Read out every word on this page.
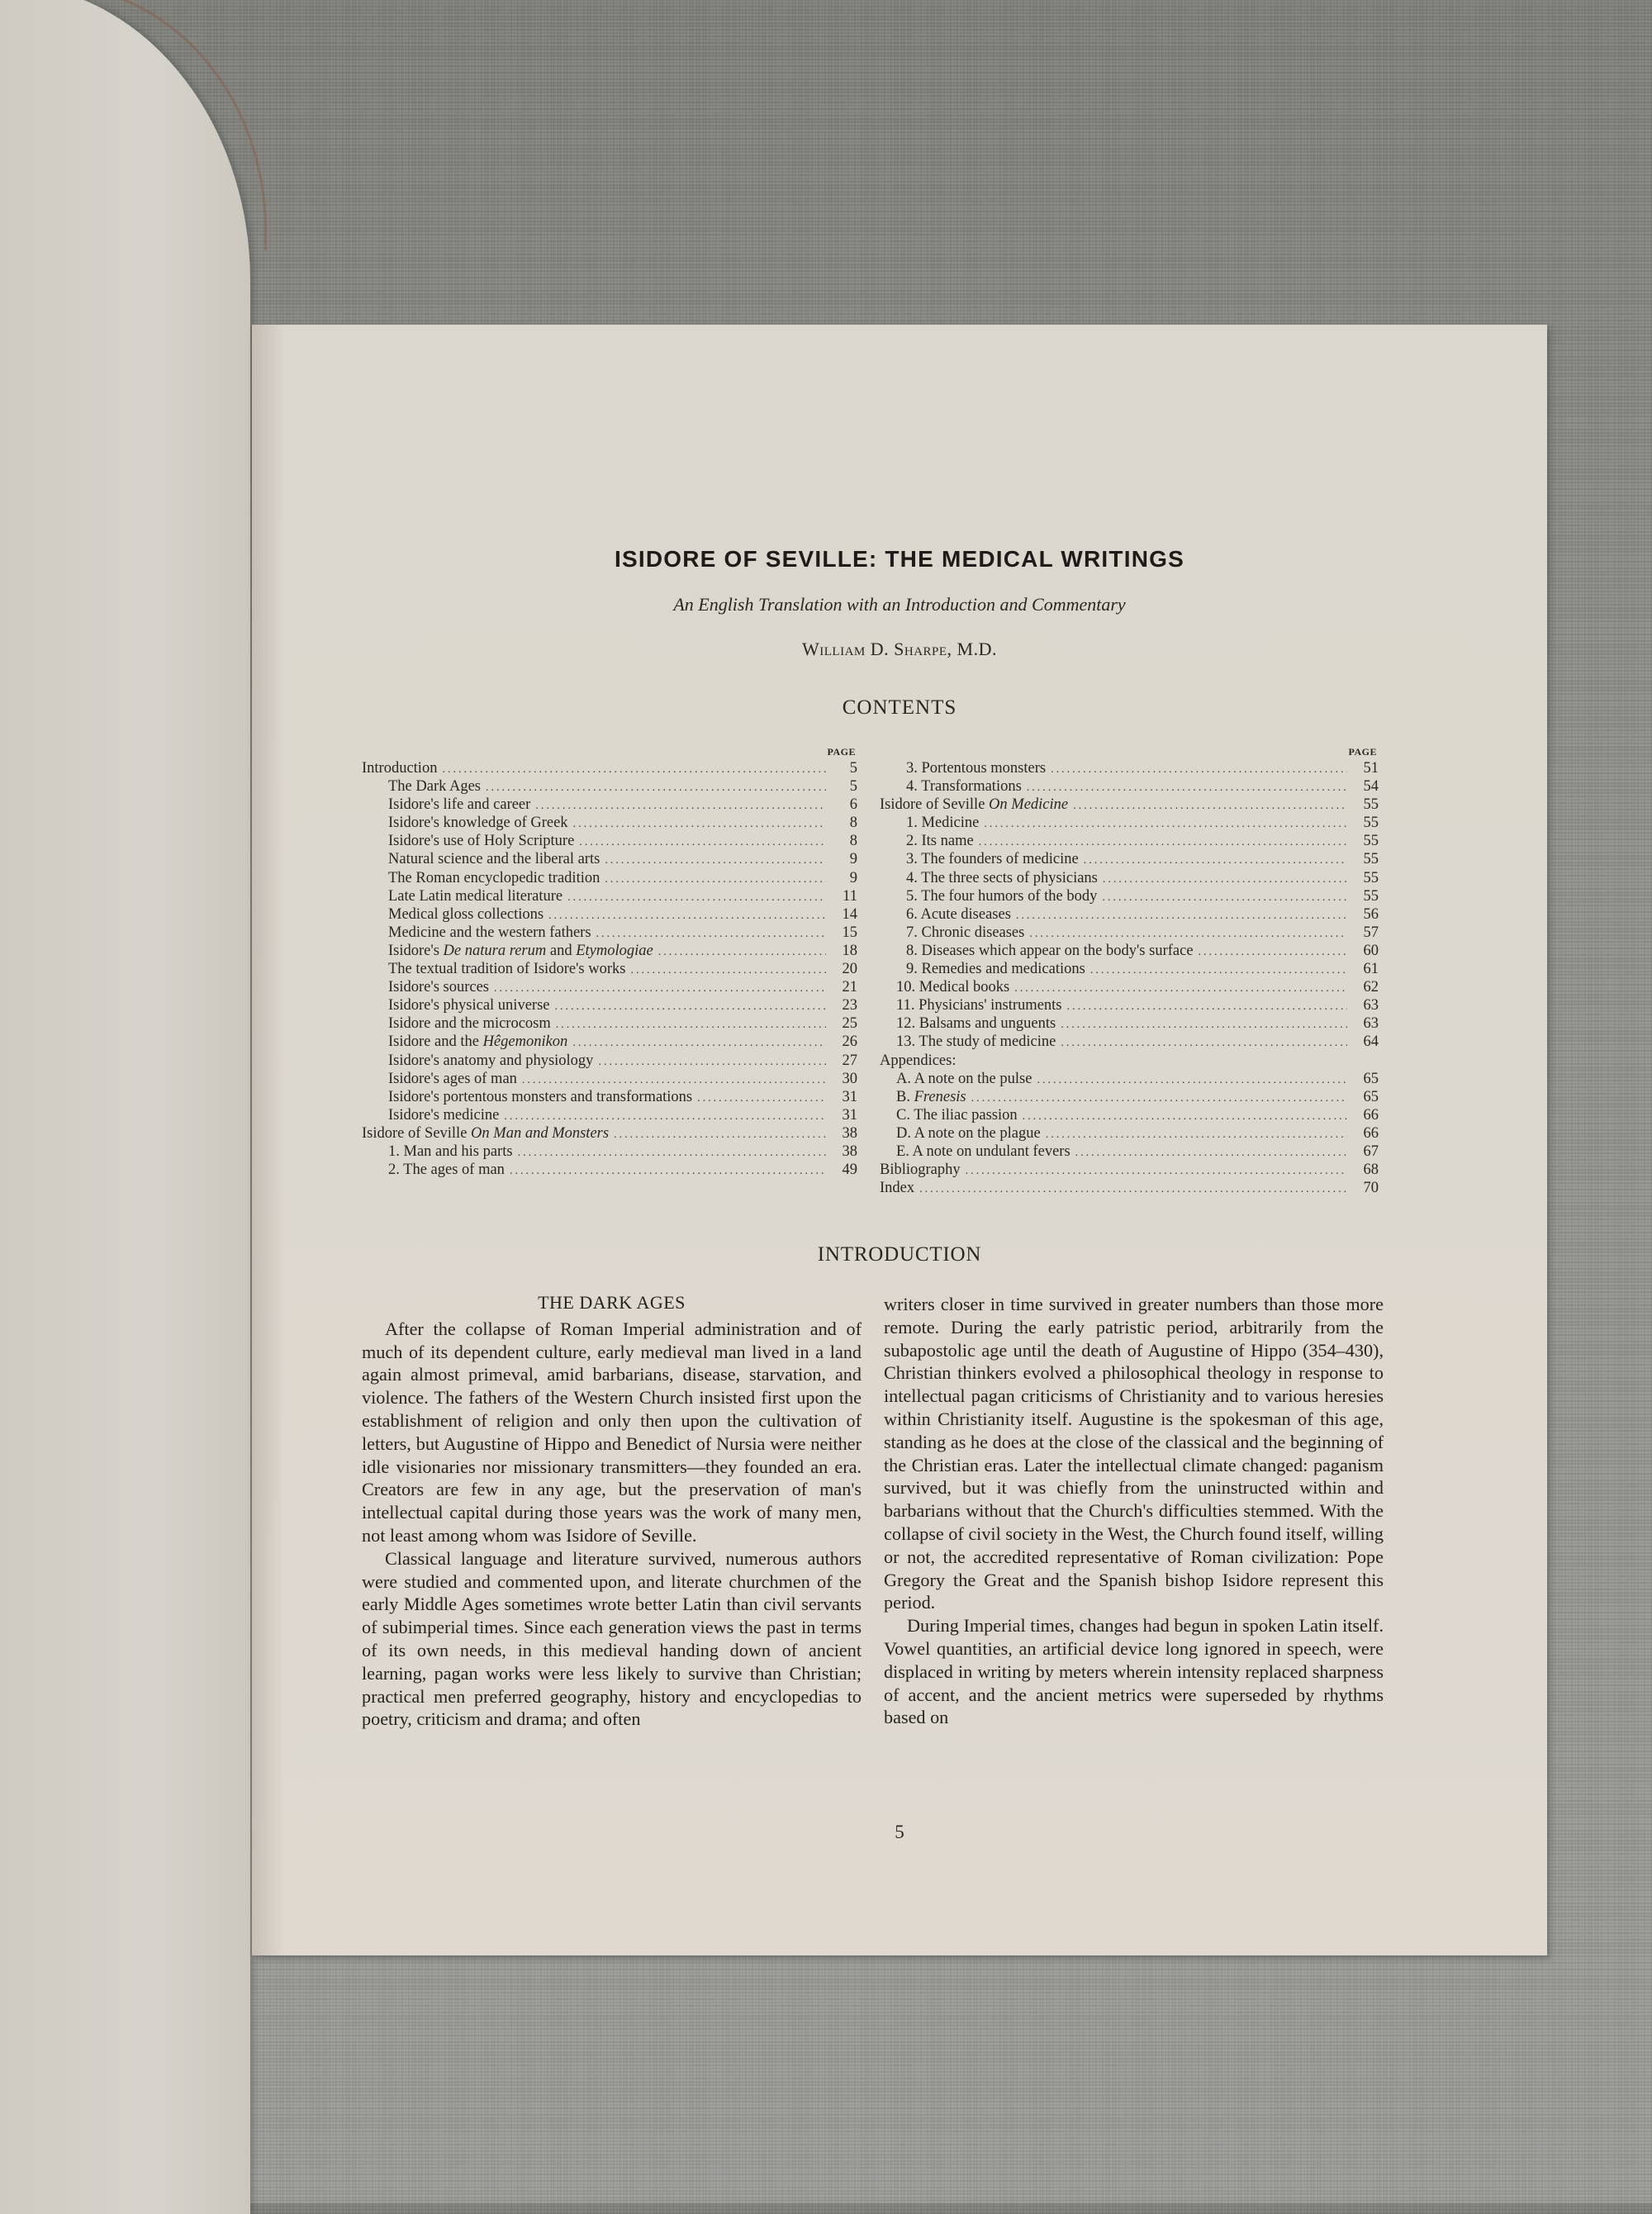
ISIDORE OF SEVILLE: THE MEDICAL WRITINGS
An English Translation with an Introduction and Commentary
William D. Sharpe, M.D.
CONTENTS
PAGE
Introduction .....	5
The Dark Ages .....	5
Isidore's life and career .....	6
Isidore's knowledge of Greek .....	8
Isidore's use of Holy Scripture .....	8
Natural science and the liberal arts .....	9
The Roman encyclopedic tradition .....	9
Late Latin medical literature .....	11
Medical gloss collections .....	14
Medicine and the western fathers .....	15
Isidore's De natura rerum and Etymologiae .....	18
The textual tradition of Isidore's works .....	20
Isidore's sources .....	21
Isidore's physical universe .....	23
Isidore and the microcosm .....	25
Isidore and the Hêgemonikon .....	26
Isidore's anatomy and physiology .....	27
Isidore's ages of man .....	30
Isidore's portentous monsters and transformations .....	31
Isidore's medicine .....	31
Isidore of Seville On Man and Monsters .....	38
1. Man and his parts .....	38
2. The ages of man .....	49
PAGE
3. Portentous monsters .....	51
4. Transformations .....	54
Isidore of Seville On Medicine .....	55
1. Medicine .....	55
2. Its name .....	55
3. The founders of medicine .....	55
4. The three sects of physicians .....	55
5. The four humors of the body .....	55
6. Acute diseases .....	56
7. Chronic diseases .....	57
8. Diseases which appear on the body's surface .....	60
9. Remedies and medications .....	61
10. Medical books .....	62
11. Physicians' instruments .....	63
12. Balsams and unguents .....	63
13. The study of medicine .....	64
Appendices:
A. A note on the pulse .....	65
B. Frenesis .....	65
C. The iliac passion .....	66
D. A note on the plague .....	66
E. A note on undulant fevers .....	67
Bibliography .....	68
Index .....	70
INTRODUCTION
THE DARK AGES

After the collapse of Roman Imperial administration and of much of its dependent culture, early medieval man lived in a land again almost primeval, amid barbarians, disease, starvation, and violence. The fathers of the Western Church insisted first upon the establishment of religion and only then upon the cultivation of letters, but Augustine of Hippo and Benedict of Nursia were neither idle visionaries nor missionary transmitters—they founded an era. Creators are few in any age, but the preservation of man's intellectual capital during those years was the work of many men, not least among whom was Isidore of Seville.

Classical language and literature survived, numerous authors were studied and commented upon, and literate churchmen of the early Middle Ages sometimes wrote better Latin than civil servants of subimperial times. Since each generation views the past in terms of its own needs, in this medieval handing down of ancient learning, pagan works were less likely to survive than Christian; practical men preferred geography, history and encyclopedias to poetry, criticism and drama; and often

writers closer in time survived in greater numbers than those more remote. During the early patristic period, arbitrarily from the subapostolic age until the death of Augustine of Hippo (354–430), Christian thinkers evolved a philosophical theology in response to intellectual pagan criticisms of Christianity and to various heresies within Christianity itself. Augustine is the spokesman of this age, standing as he does at the close of the classical and the beginning of the Christian eras. Later the intellectual climate changed: paganism survived, but it was chiefly from the uninstructed within and barbarians without that the Church's difficulties stemmed. With the collapse of civil society in the West, the Church found itself, willing or not, the accredited representative of Roman civilization: Pope Gregory the Great and the Spanish bishop Isidore represent this period.

During Imperial times, changes had begun in spoken Latin itself. Vowel quantities, an artificial device long ignored in speech, were displaced in writing by meters wherein intensity replaced sharpness of accent, and the ancient metrics were superseded by rhythms based on

5
